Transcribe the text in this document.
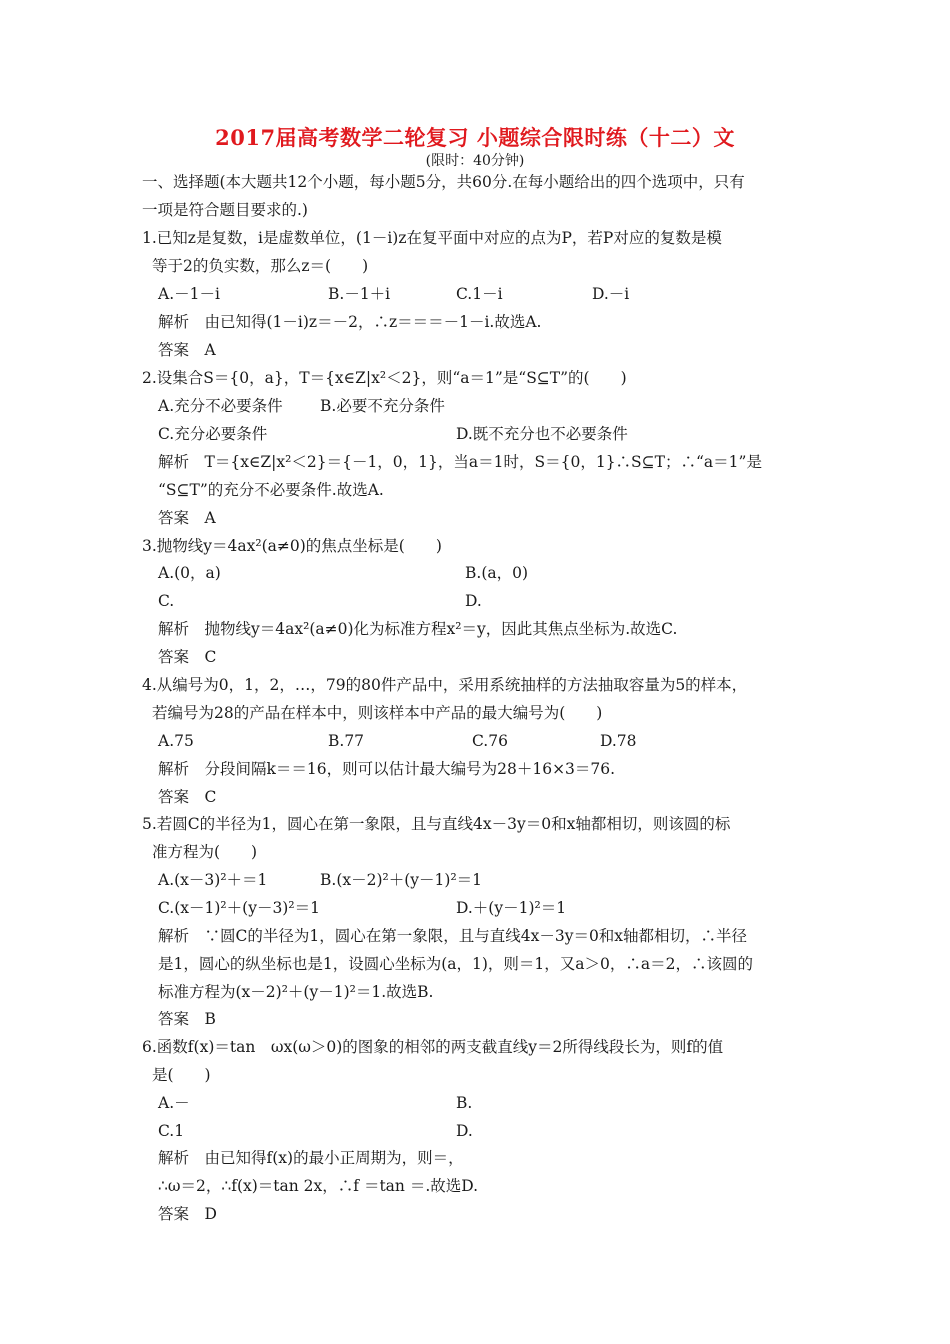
2017届高考数学二轮复习 小题综合限时练（十二）文
(限时：40分钟)
一、选择题(本大题共12个小题，每小题5分，共60分.在每小题给出的四个选项中，只有
一项是符合题目要求的.)
1.已知z是复数，i是虚数单位，(1－i)z在复平面中对应的点为P，若P对应的复数是模
等于2的负实数，那么z＝(　　)
A.－1－i	B.－1＋i	C.1－i	D.－i
解析　由已知得(1－i)z＝－2，∴z＝＝＝－1－i.故选A.
答案　A
2.设集合S＝{0，a}，T＝{x∈Z|x²＜2}，则“a＝1”是“S⊆T”的(　　)
A.充分不必要条件 B.必要不充分条件
C.充分必要条件	D.既不充分也不必要条件
解析　T＝{x∈Z|x²＜2}＝{－1，0，1}，当a＝1时，S＝{0，1}∴S⊆T；∴“a＝1”是
“S⊆T”的充分不必要条件.故选A.
答案　A
3.抛物线y＝4ax²(a≠0)的焦点坐标是(　　)
A.(0，a)	B.(a，0)
C.	D.
解析　抛物线y＝4ax²(a≠0)化为标准方程x²＝y，因此其焦点坐标为.故选C.
答案　C
4.从编号为0，1，2，…，79的80件产品中，采用系统抽样的方法抽取容量为5的样本，
若编号为28的产品在样本中，则该样本中产品的最大编号为(　　)
A.75	B.77	C.76	D.78
解析　分段间隔k＝＝16，则可以估计最大编号为28＋16×3＝76.
答案　C
5.若圆C的半径为1，圆心在第一象限，且与直线4x－3y＝0和x轴都相切，则该圆的标
准方程为(　　)
A.(x－3)²＋＝1	B.(x－2)²＋(y－1)²＝1
C.(x－1)²＋(y－3)²＝1	D.＋(y－1)²＝1
解析　∵圆C的半径为1，圆心在第一象限，且与直线4x－3y＝0和x轴都相切，∴半径
是1，圆心的纵坐标也是1，设圆心坐标为(a，1)，则＝1，又a＞0，∴a＝2，∴该圆的
标准方程为(x－2)²＋(y－1)²＝1.故选B.
答案　B
6.函数f(x)＝tan　ωx(ω＞0)的图象的相邻的两支截直线y＝2所得线段长为，则f的值
是(　　)
A.－	B.
C.1	D.
解析　由已知得f(x)的最小正周期为，则＝，
∴ω＝2，∴f(x)＝tan 2x，∴f ＝tan ＝.故选D.
答案　D
